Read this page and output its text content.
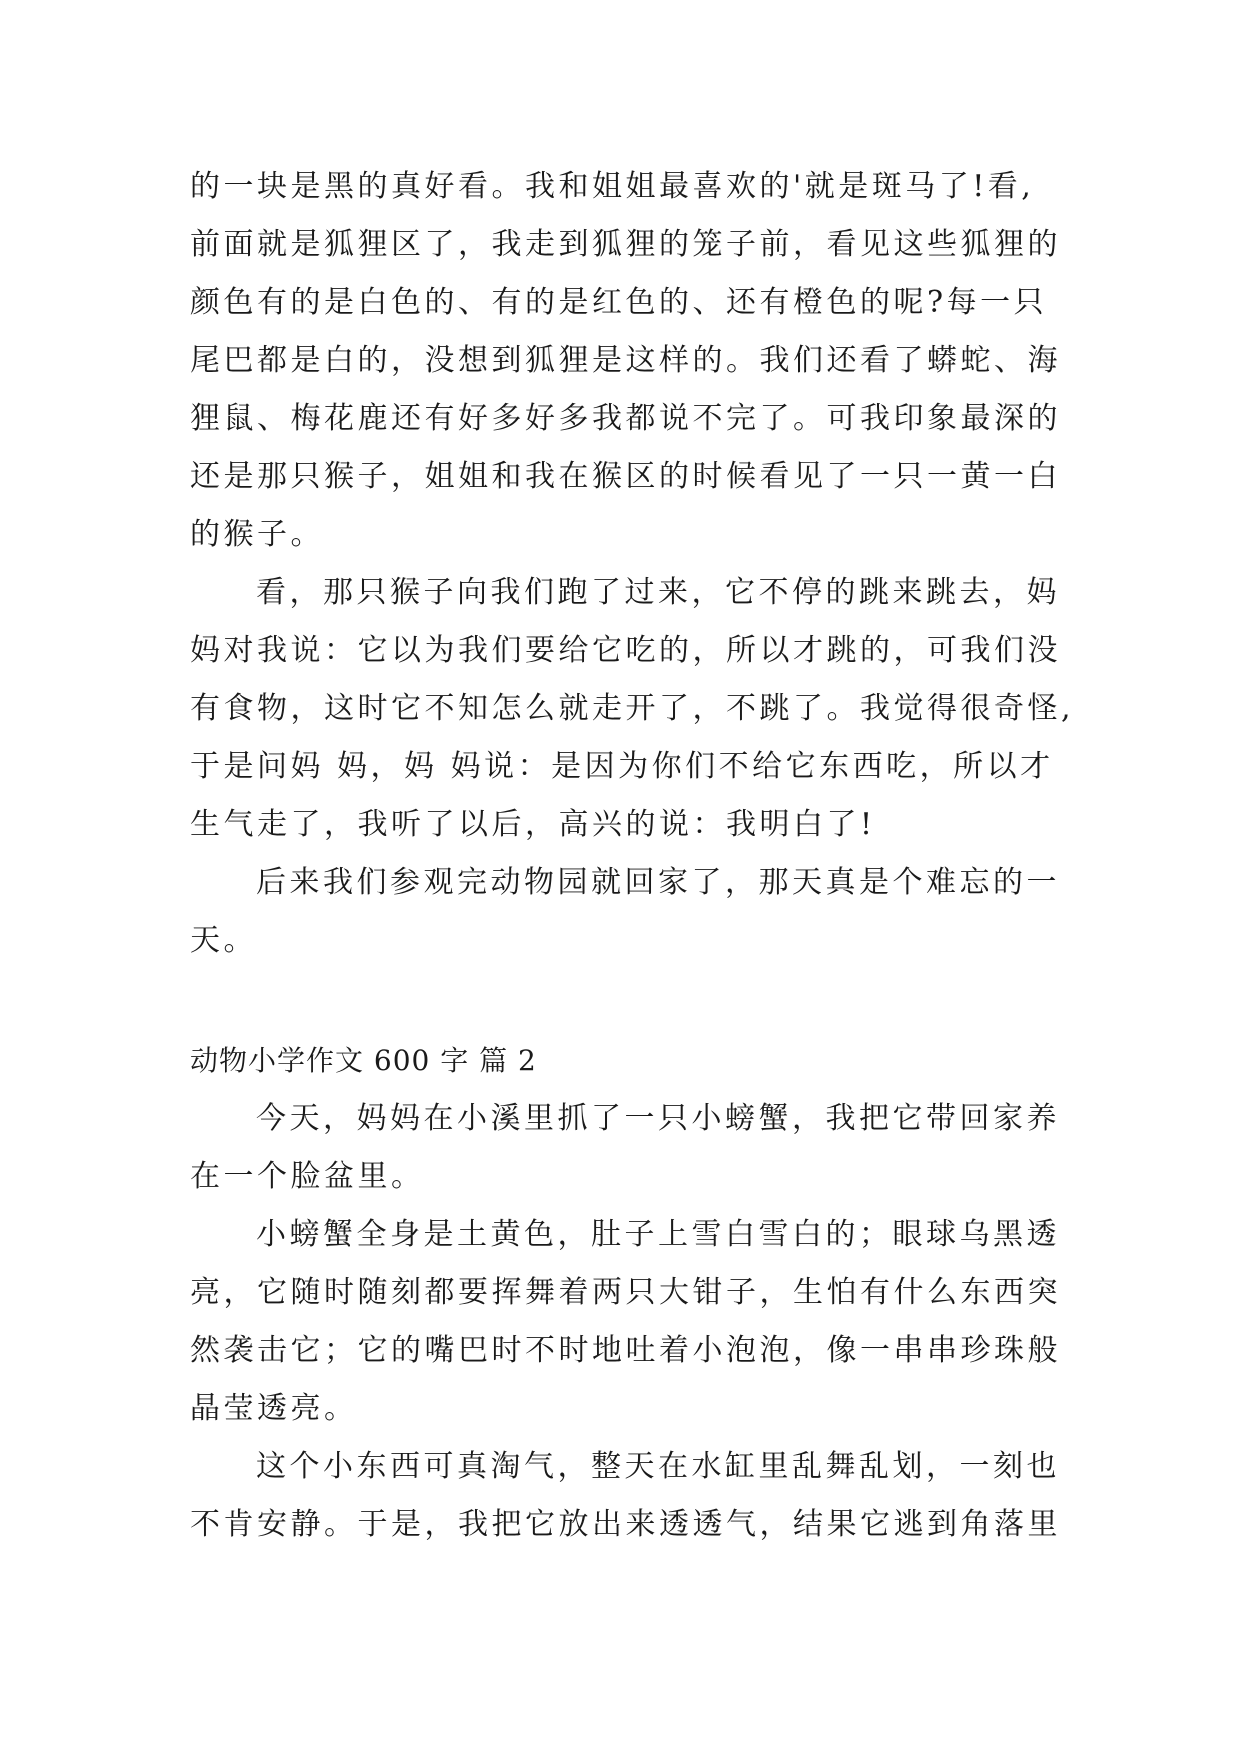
的一块是黑的真好看。我和姐姐最喜欢的'就是斑马了!看,
前面就是狐狸区了，我走到狐狸的笼子前，看见这些狐狸的
颜色有的是白色的、有的是红色的、还有橙色的呢?每一只
尾巴都是白的，没想到狐狸是这样的。我们还看了蟒蛇、海
狸鼠、梅花鹿还有好多好多我都说不完了。可我印象最深的
还是那只猴子，姐姐和我在猴区的时候看见了一只一黄一白
的猴子。
看，那只猴子向我们跑了过来，它不停的跳来跳去，妈
妈对我说：它以为我们要给它吃的，所以才跳的，可我们没
有食物，这时它不知怎么就走开了，不跳了。我觉得很奇怪,
于是问妈 妈，妈 妈说：是因为你们不给它东西吃，所以才
生气走了，我听了以后，高兴的说：我明白了!
后来我们参观完动物园就回家了，那天真是个难忘的一
天。
动物小学作文 600 字 篇 2
今天，妈妈在小溪里抓了一只小螃蟹，我把它带回家养
在一个脸盆里。
小螃蟹全身是土黄色，肚子上雪白雪白的；眼球乌黑透
亮，它随时随刻都要挥舞着两只大钳子，生怕有什么东西突
然袭击它；它的嘴巴时不时地吐着小泡泡，像一串串珍珠般
晶莹透亮。
这个小东西可真淘气，整天在水缸里乱舞乱划，一刻也
不肯安静。于是，我把它放出来透透气，结果它逃到角落里
